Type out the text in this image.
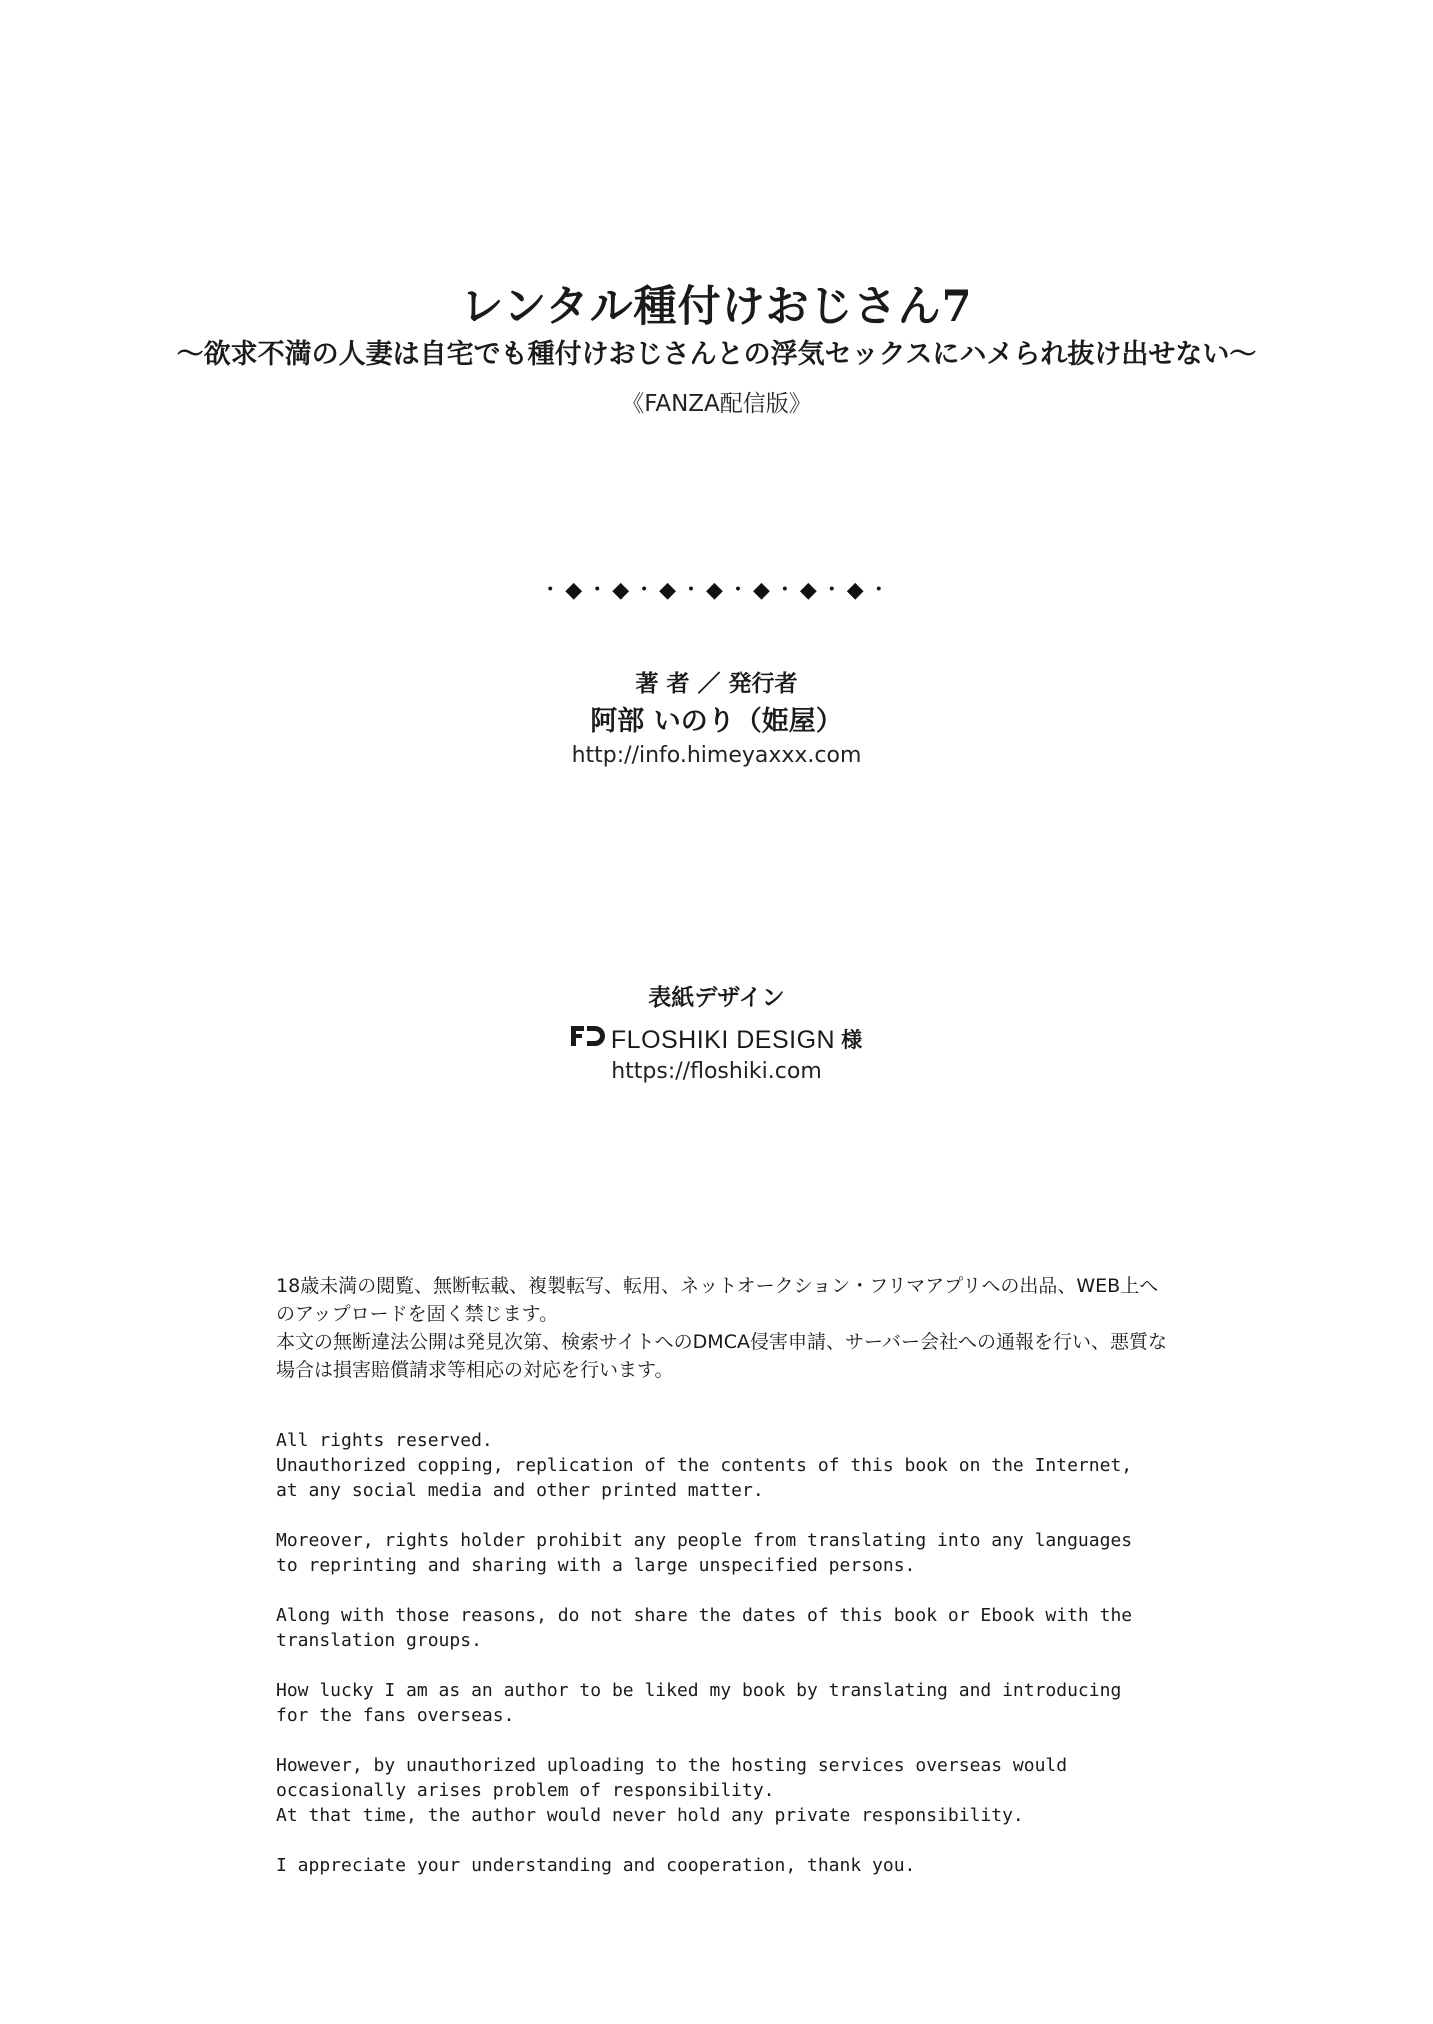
レンタル種付けおじさん7
〜欲求不満の人妻は自宅でも種付けおじさんとの浮気セックスにハメられ抜け出せない〜
《FANZA配信版》
・◆・◆・◆・◆・◆・◆・◆・
著 者 ／ 発行者
阿部 いのり（姫屋）
http://info.himeyaxxx.com
表紙デザイン
FLOSHIKI DESIGN 様
https://floshiki.com

18歳未満の閲覧、無断転載、複製転写、転用、ネットオークション・フリマアプリへの出品、WEB上へのアップロードを固く禁じます。

本文の無断違法公開は発見次第、検索サイトへのDMCA侵害申請、サーバー会社への通報を行い、悪質な場合は損害賠償請求等相応の対応を行います。

All rights reserved.
Unauthorized copping, replication of the contents of this book on the Internet,
at any social media and other printed matter.

Moreover, rights holder prohibit any people from translating into any languages
to reprinting and sharing with a large unspecified persons.

Along with those reasons, do not share the dates of this book or Ebook with the
translation groups.

How lucky I am as an author to be liked my book by translating and introducing
for the fans overseas.

However, by unauthorized uploading to the hosting services overseas would
occasionally arises problem of responsibility.
At that time, the author would never hold any private responsibility.

I appreciate your understanding and cooperation, thank you.
